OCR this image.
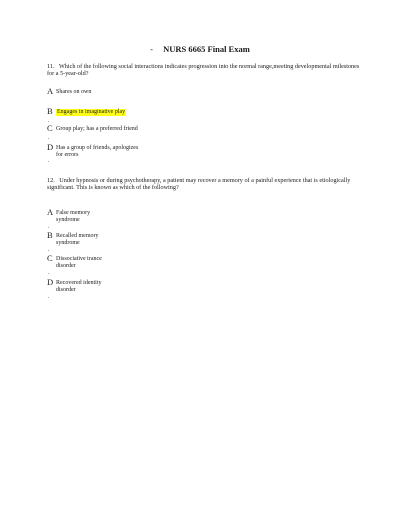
- NURS 6665 Final Exam
11. Which of the following social interactions indicates progression into the normal range,meeting developmental milestones for a 5-year-old?
A Shares on own
B Engages in imaginative play
.
C Group play; has a preferred friend
.
D Has a group of friends, apologizes
for errors
.
12. Under hypnosis or during psychotherapy, a patient may recover a memory of a painful experience that is etiologically significant. This is known as which of the following?
A False memory
syndrome
.
B Recalled memory
syndrome
.
C Dissociative trance
disorder
.
D Recovered identity
disorder
.
